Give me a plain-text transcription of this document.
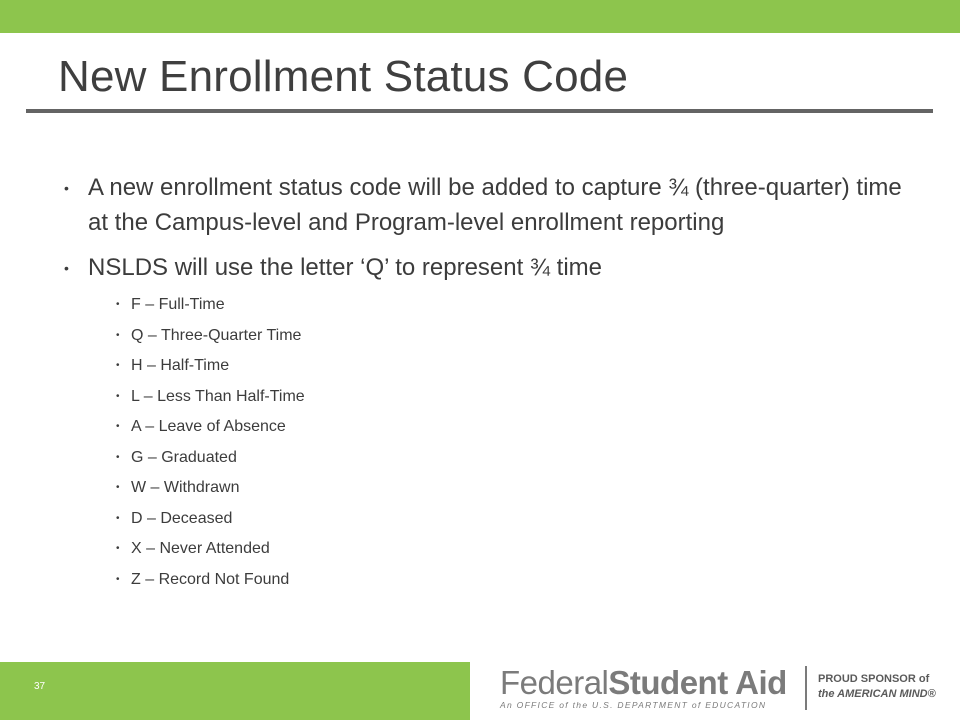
New Enrollment Status Code
• A new enrollment status code will be added to capture ¾ (three-quarter) time at the Campus-level and Program-level enrollment reporting
• NSLDS will use the letter ‘Q’ to represent ¾ time
• F – Full-Time
• Q – Three-Quarter Time
• H – Half-Time
• L – Less Than Half-Time
• A – Leave of Absence
• G – Graduated
• W – Withdrawn
• D – Deceased
• X – Never Attended
• Z – Record Not Found
37	FederalStudent Aid
An OFFICE of the U.S. DEPARTMENT of EDUCATION
PROUD SPONSOR of
the AMERICAN MIND®
